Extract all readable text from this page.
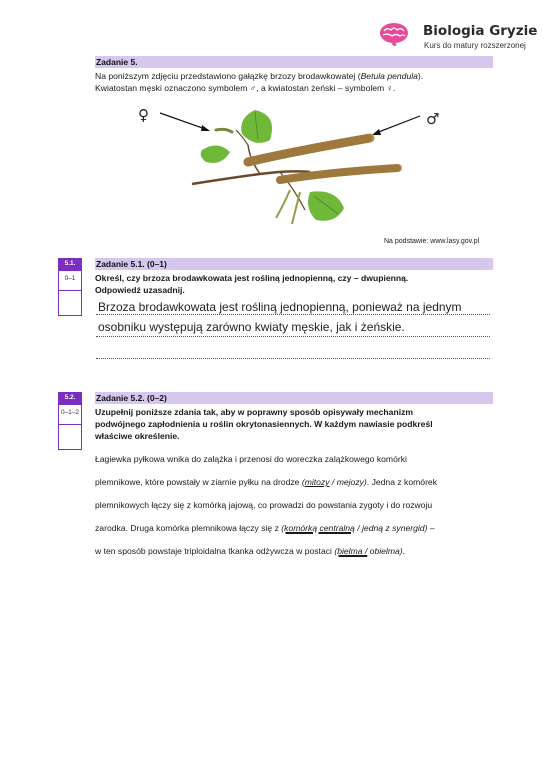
Biologia Gryzie
Kurs do matury rozszerzonej
Zadanie 5.
Na poniższym zdjęciu przedstawiono gałązkę brzozy brodawkowatej (Betula pendula).
Kwiatostan męski oznaczono symbolem ♂, a kwiatostan żeński – symbolem ♀.
♀	♂
Na podstawie: www.lasy.gov.pl
5.1.
0–1
Zadanie 5.1. (0–1)
Określ, czy brzoza brodawkowata jest rośliną jednopienną, czy – dwupienną.
Odpowiedź uzasadnij.
Brzoza brodawkowata jest rośliną jednopienną, ponieważ na jednym
osobniku występują zarówno kwiaty męskie, jak i żeńskie.
5.2.
0–1–2
Zadanie 5.2. (0–2)
Uzupełnij poniższe zdania tak, aby w poprawny sposób opisywały mechanizm
podwójnego zapłodnienia u roślin okrytonasiennych. W każdym nawiasie podkreśl
właściwe określenie.
Łagiewka pyłkowa wnika do zalążka i przenosi do woreczka zalążkowego komórki
plemnikowe, które powstały w ziarnie pyłku na drodze (mitozy / mejozy). Jedna z komórek
plemnikowych łączy się z komórką jajową, co prowadzi do powstania zygoty i do rozwoju
zarodka. Druga komórka plemnikowa łączy się z (komórką centralną / jedną z synergid) –
w ten sposób powstaje triploidalna tkanka odżywcza w postaci (bielma / obielma).
